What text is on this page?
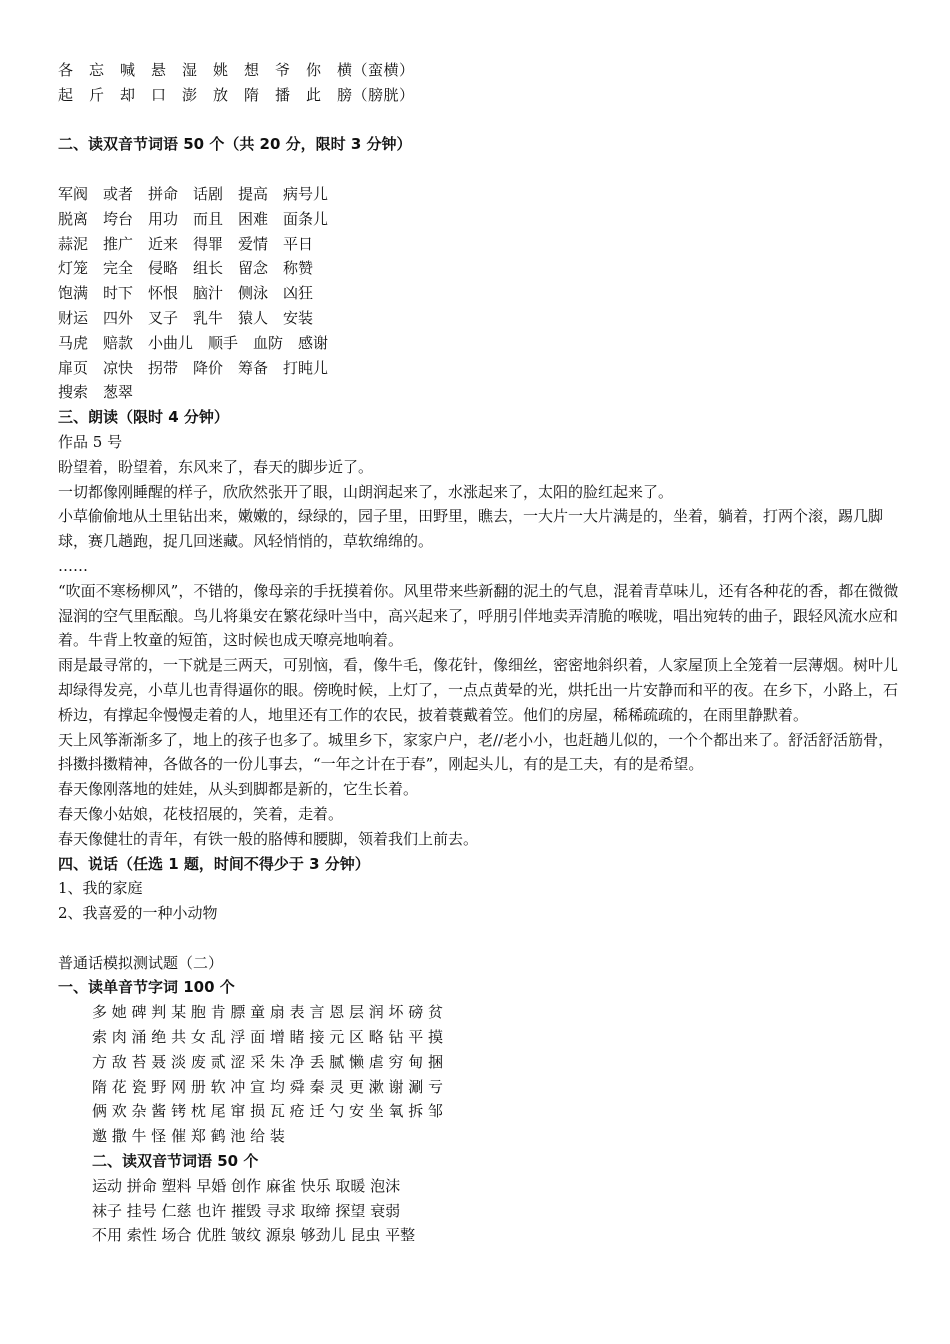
各　忘　喊　悬　湿　姚　想　爷　你　横（蛮横）
起　斤　却　口　澎　放　隋　播　此　膀（膀胱）
二、读双音节词语 50 个（共 20 分，限时 3 分钟）
军阀　或者　拼命　话剧　提高　病号儿
脱离　垮台　用功　而且　困难　面条儿
蒜泥　推广　近来　得罪　爱情　平日
灯笼　完全　侵略　组长　留念　称赞
饱满　时下　怀恨　脑汁　侧泳　凶狂
财运　四外　叉子　乳牛　猿人　安装
马虎　赔款　小曲儿　顺手　血防　感谢
扉页　凉快　拐带　降价　筹备　打盹儿
搜索　葱翠
三、朗读（限时 4 分钟）
作品 5 号
盼望着，盼望着，东风来了，春天的脚步近了。
一切都像刚睡醒的样子，欣欣然张开了眼，山朗润起来了，水涨起来了，太阳的脸红起来了。
小草偷偷地从土里钻出来，嫩嫩的，绿绿的，园子里，田野里，瞧去，一大片一大片满是的，坐着，躺着，打两个滚，踢几脚球，赛几趟跑，捉几回迷藏。风轻悄悄的，草软绵绵的。
……
“吹面不寒杨柳风”，不错的，像母亲的手抚摸着你。风里带来些新翻的泥土的气息，混着青草味儿，还有各种花的香，都在微微湿润的空气里酝酿。鸟儿将巢安在繁花绿叶当中，高兴起来了，呼朋引伴地卖弄清脆的喉咙，唱出宛转的曲子，跟轻风流水应和着。牛背上牧童的短笛，这时候也成天嘹亮地响着。
雨是最寻常的，一下就是三两天，可别恼，看，像牛毛，像花针，像细丝，密密地斜织着，人家屋顶上全笼着一层薄烟。树叶儿却绿得发亮，小草儿也青得逼你的眼。傍晚时候，上灯了，一点点黄晕的光，烘托出一片安静而和平的夜。在乡下，小路上，石桥边，有撑起伞慢慢走着的人，地里还有工作的农民，披着蓑戴着笠。他们的房屋，稀稀疏疏的，在雨里静默着。
天上风筝渐渐多了，地上的孩子也多了。城里乡下，家家户户，老//老小小，也赶趟儿似的，一个个都出来了。舒活舒活筋骨，抖擞抖擞精神，各做各的一份儿事去，“一年之计在于春”，刚起头儿，有的是工夫，有的是希望。
春天像刚落地的娃娃，从头到脚都是新的，它生长着。
春天像小姑娘，花枝招展的，笑着，走着。
春天像健壮的青年，有铁一般的胳傅和腰脚，领着我们上前去。
四、说话（任选 1 题，时间不得少于 3 分钟）
1、我的家庭
2、我喜爱的一种小动物
普通话模拟测试题（二）
一、读单音节字词 100 个
多 她 碑 判 某 胞 肯 膘 童 扇 表 言 恩 层 润 坏 磅 贫
索 肉 涌 绝 共 女 乱 浮 面 增 睹 接 元 区 略 钻 平 摸
方 敌 苔 聂 淡 废 贰 涩 采 朱 净 丢 腻 懒 虐 穷 甸 捆
隋 花 瓷 野 网 册 软 冲 宣 均 舜 秦 灵 更 漱 谢 涮 亏
俩 欢 杂 酱 铐 枕 尾 窜 损 瓦 疮 迁 勺 安 坐 氧 拆 邹
邀 撒 牛 怪 催 郑 鹤 池 给 装
二、读双音节词语 50 个
运动 拼命 塑料 早婚 创作 麻雀 快乐 取暖 泡沫
袜子 挂号 仁慈 也许 摧毁 寻求 取缔 探望 衰弱
不用 索性 场合 优胜 皱纹 源泉 够劲儿 昆虫 平整
